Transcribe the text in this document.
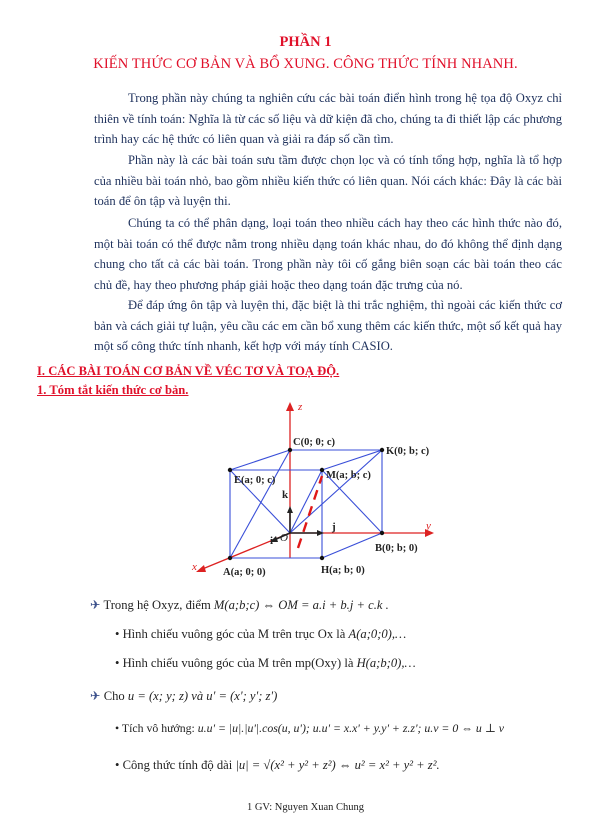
PHẦN 1
KIẾN THỨC CƠ BẢN VÀ BỔ XUNG. CÔNG THỨC TÍNH NHANH.
Trong phần này chúng ta nghiên cứu các bài toán điển hình trong hệ tọa độ Oxyz chỉ thiên về tính toán: Nghĩa là từ các số liệu và dữ kiện đã cho, chúng ta đi thiết lập các phương trình hay các hệ thức có liên quan và giải ra đáp số cần tìm.
Phần này là các bài toán sưu tầm được chọn lọc và có tính tổng hợp, nghĩa là tổ hợp của nhiều bài toán nhỏ, bao gồm nhiều kiến thức có liên quan. Nói cách khác: Đây là các bài toán để ôn tập và luyện thi.
Chúng ta có thể phân dạng, loại toán theo nhiều cách hay theo các hình thức nào đó, một bài toán có thể được nằm trong nhiều dạng toán khác nhau, do đó không thể định dạng chung cho tất cả các bài toán. Trong phần này tôi cố gắng biên soạn các bài toán theo các chủ đề, hay theo phương pháp giải hoặc theo dạng toán đặc trưng của nó.
Để đáp ứng ôn tập và luyện thi, đặc biệt là thi trắc nghiệm, thì ngoài các kiến thức cơ bản và cách giải tự luận, yêu cầu các em cần bổ xung thêm các kiến thức, một số kết quả hay một số công thức tính nhanh, kết hợp với máy tính CASIO.
I. CÁC BÀI TOÁN CƠ BẢN VỀ VÉC TƠ VÀ TOẠ ĐỘ.
1. Tóm tắt kiến thức cơ bản.
z
y
x
O
C(0; 0; c)
K(0; b; c)
E(a; 0; c)	M(a; b; c)
B(0; b; 0)
A(a; 0; 0)	H(a; b; 0)
k
i
j
✈ Trong hệ Oxyz, điểm M(a;b;c) ⇔ OM = a.i + b.j + c.k .
• Hình chiếu vuông góc của M trên trục Ox là A(a;0;0),…
• Hình chiếu vuông góc của M trên mp(Oxy) là H(a;b;0),…
✈ Cho u = (x; y; z) và u' = (x'; y'; z')
• Tích vô hướng: u.u' = |u|.|u'|.cos(u, u'); u.u' = x.x' + y.y' + z.z'; u.v = 0 ⇔ u ⊥ v
• Công thức tính độ dài |u| = √(x² + y² + z²) ⇔ u² = x² + y² + z².
1 GV: Nguyen Xuan Chung
